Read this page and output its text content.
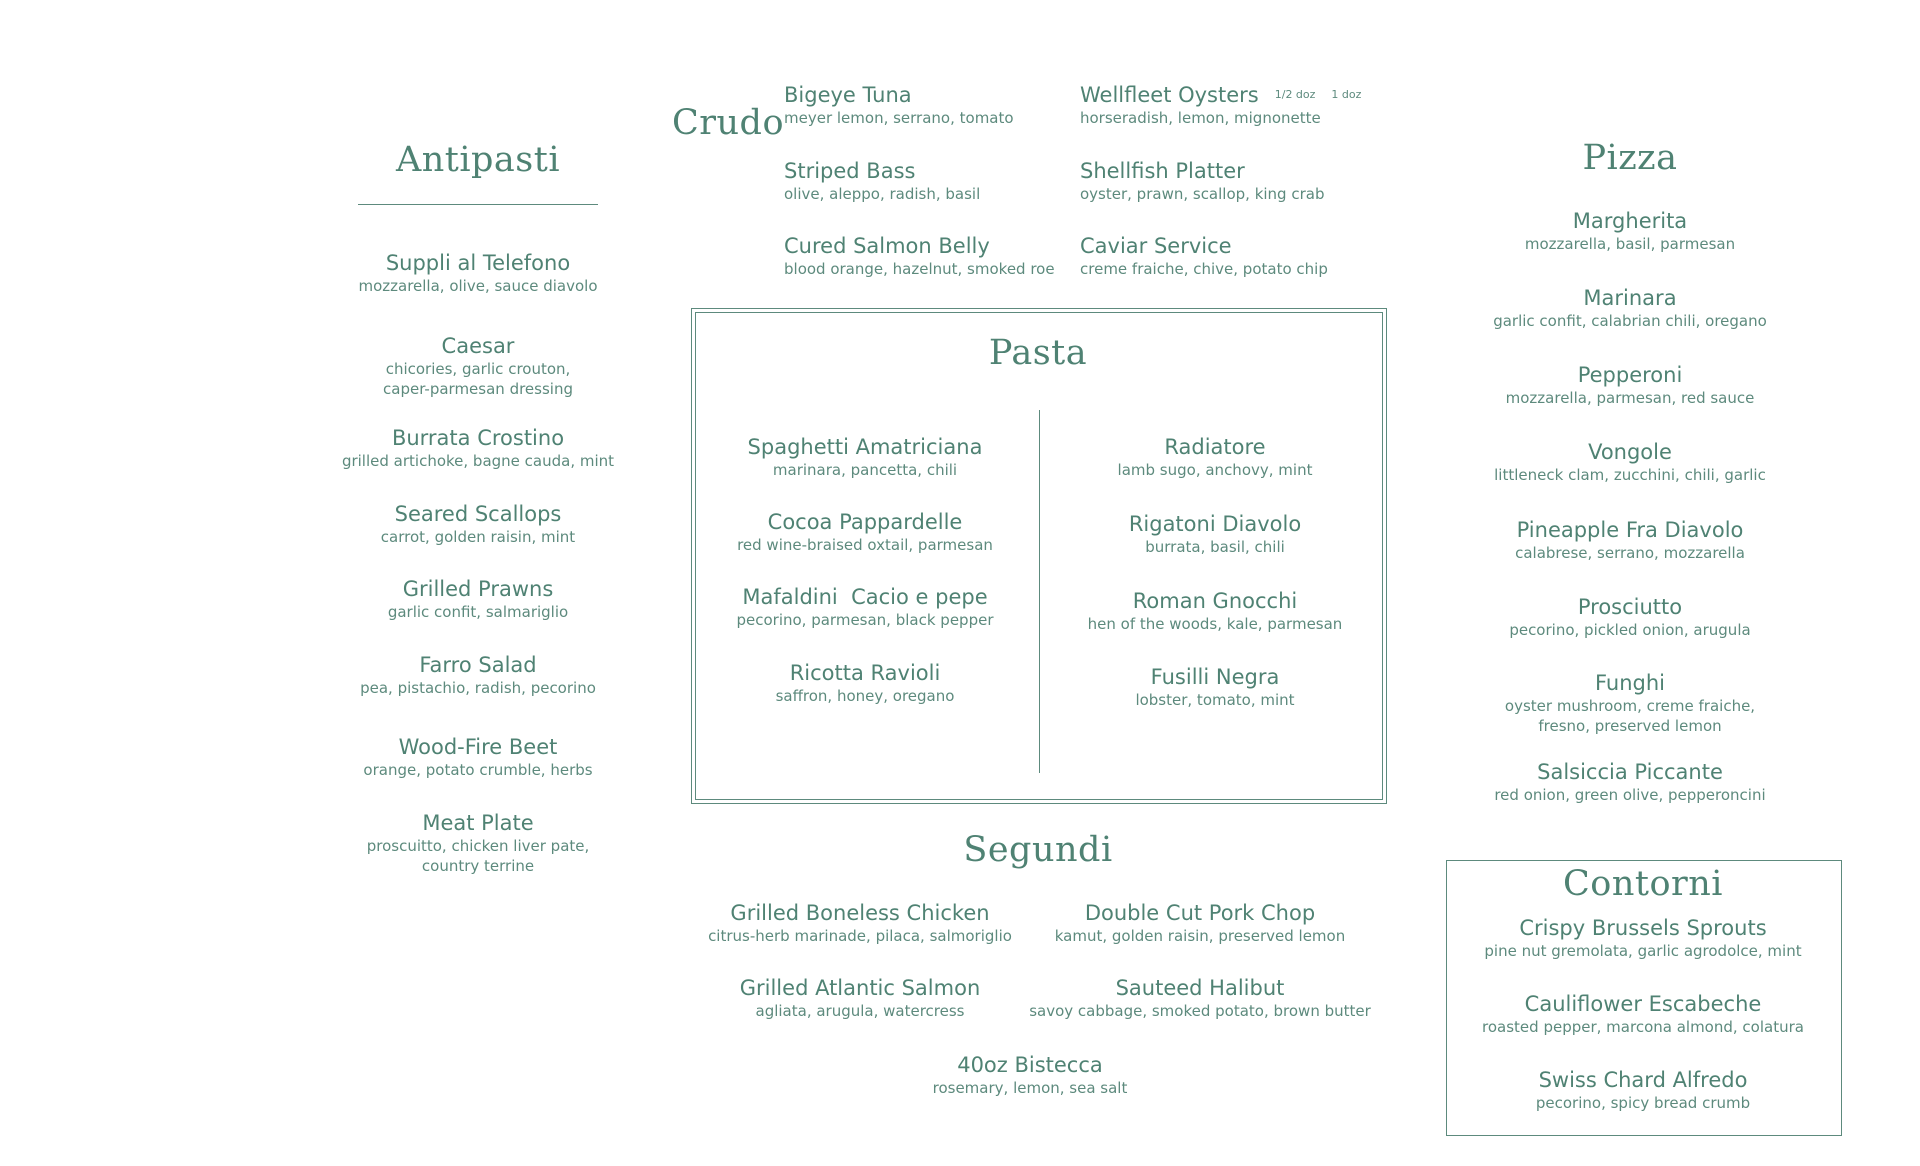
Antipasti
Suppli al Telefono
mozzarella, olive, sauce diavolo
Caesar
chicories, garlic crouton,
caper-parmesan dressing
Burrata Crostino
grilled artichoke, bagne cauda, mint
Seared Scallops
carrot, golden raisin, mint
Grilled Prawns
garlic confit, salmariglio
Farro Salad
pea, pistachio, radish, pecorino
Wood-Fire Beet
orange, potato crumble, herbs
Meat Plate
proscuitto, chicken liver pate,
country terrine
Crudo
Bigeye Tuna
meyer lemon, serrano, tomato
Striped Bass
olive, aleppo, radish, basil
Cured Salmon Belly
blood orange, hazelnut, smoked roe
Wellfleet Oysters 1/2 doz 1 doz
horseradish, lemon, mignonette
Shellfish Platter
oyster, prawn, scallop, king crab
Caviar Service
creme fraiche, chive, potato chip
Pasta
Spaghetti Amatriciana
marinara, pancetta, chili
Cocoa Pappardelle
red wine-braised oxtail, parmesan
Mafaldini  Cacio e pepe
pecorino, parmesan, black pepper
Ricotta Ravioli
saffron, honey, oregano
Radiatore
lamb sugo, anchovy, mint
Rigatoni Diavolo
burrata, basil, chili
Roman Gnocchi
hen of the woods, kale, parmesan
Fusilli Negra
lobster, tomato, mint
Segundi
Grilled Boneless Chicken
citrus-herb marinade, pilaca, salmoriglio
Grilled Atlantic Salmon
agliata, arugula, watercress
Double Cut Pork Chop
kamut, golden raisin, preserved lemon
Sauteed Halibut
savoy cabbage, smoked potato, brown butter
40oz Bistecca
rosemary, lemon, sea salt
Pizza
Margherita
mozzarella, basil, parmesan
Marinara
garlic confit, calabrian chili, oregano
Pepperoni
mozzarella, parmesan, red sauce
Vongole
littleneck clam, zucchini, chili, garlic
Pineapple Fra Diavolo
calabrese, serrano, mozzarella
Prosciutto
pecorino, pickled onion, arugula
Funghi
oyster mushroom, creme fraiche,
fresno, preserved lemon
Salsiccia Piccante
red onion, green olive, pepperoncini
Contorni
Crispy Brussels Sprouts
pine nut gremolata, garlic agrodolce, mint
Cauliflower Escabeche
roasted pepper, marcona almond, colatura
Swiss Chard Alfredo
pecorino, spicy bread crumb
